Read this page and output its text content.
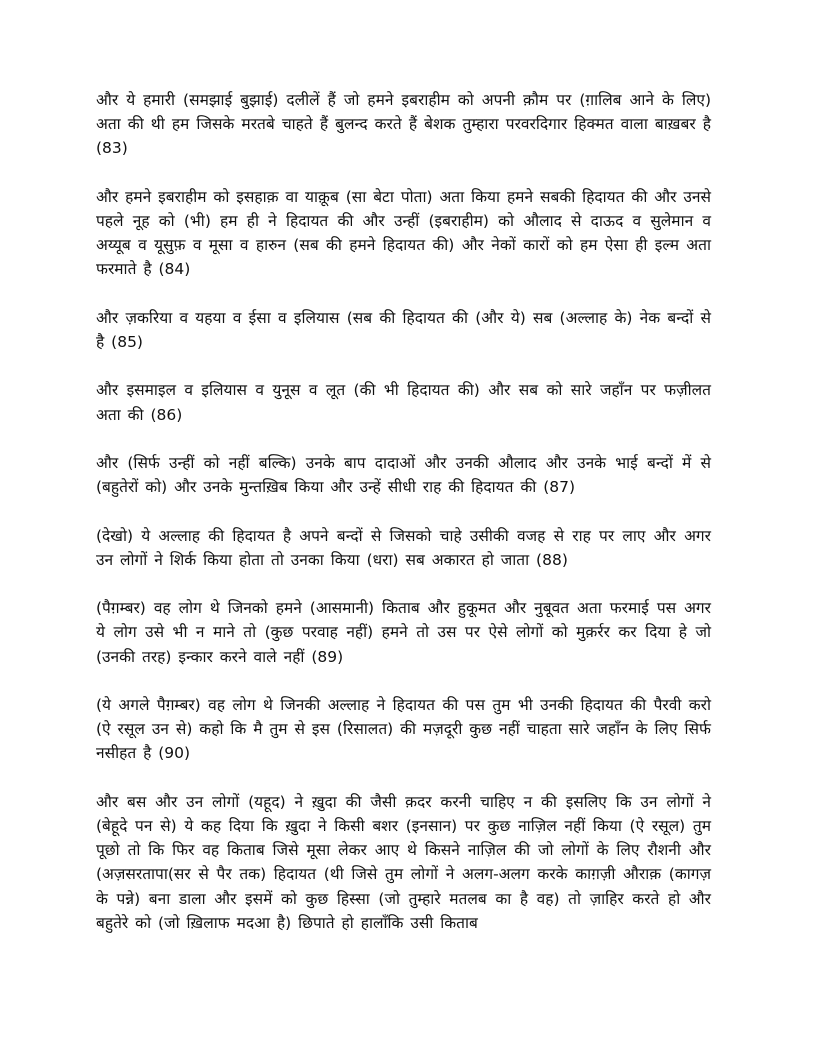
और ये हमारी (समझाई बुझाई) दलीलें हैं जो हमने इबराहीम को अपनी क़ौम पर (ग़ालिब आने के लिए) अता की थी हम जिसके मरतबे चाहते हैं बुलन्द करते हैं बेशक तुम्हारा परवरदिगार हिक्मत वाला बाख़बर है (83)

और हमने इबराहीम को इसहाक़ वा याक़ूब (सा बेटा पोता) अता किया हमने सबकी हिदायत की और उनसे पहले नूह को (भी) हम ही ने हिदायत की और उन्हीं (इबराहीम) को औलाद से दाऊद व सुलेमान व अय्यूब व यूसुफ़ व मूसा व हारुन (सब की हमने हिदायत की) और नेकों कारों को हम ऐसा ही इल्म अता फरमाते है (84)

और ज़करिया व यहया व ईसा व इलियास (सब की हिदायत की (और ये) सब (अल्लाह के) नेक बन्दों से है (85)

और इसमाइल व इलियास व युनूस व लूत (की भी हिदायत की) और सब को सारे जहाँन पर फज़ीलत अता की (86)

और (सिर्फ उन्हीं को नहीं बल्कि) उनके बाप दादाओं और उनकी औलाद और उनके भाई बन्दों में से (बहुतेरों को) और उनके मुन्तख़िब किया और उन्हें सीधी राह की हिदायत की (87)

(देखो) ये अल्लाह की हिदायत है अपने बन्दों से जिसको चाहे उसीकी वजह से राह पर लाए और अगर उन लोगों ने शिर्क किया होता तो उनका किया (धरा) सब अकारत हो जाता (88)

(पैग़म्बर) वह लोग थे जिनको हमने (आसमानी) किताब और हुकूमत और नुबूवत अता फरमाई पस अगर ये लोग उसे भी न माने तो (कुछ परवाह नहीं) हमने तो उस पर ऐसे लोगों को मुक़र्रर कर दिया हे जो (उनकी तरह) इन्कार करने वाले नहीं (89)

(ये अगले पैग़म्बर) वह लोग थे जिनकी अल्लाह ने हिदायत की पस तुम भी उनकी हिदायत की पैरवी करो (ऐ रसूल उन से) कहो कि मै तुम से इस (रिसालत) की मज़दूरी कुछ नहीं चाहता सारे जहाँन के लिए सिर्फ नसीहत है (90)

और बस और उन लोगों (यहूद) ने ख़ुदा की जैसी क़दर करनी चाहिए न की इसलिए कि उन लोगों ने (बेहूदे पन से) ये कह दिया कि ख़ुदा ने किसी बशर (इनसान) पर कुछ नाज़िल नहीं किया (ऐ रसूल) तुम पूछो तो कि फिर वह किताब जिसे मूसा लेकर आए थे किसने नाज़िल की जो लोगों के लिए रौशनी और (अज़सरतापा(सर से पैर तक) हिदायत (थी जिसे तुम लोगों ने अलग-अलग करके काग़ज़ी औराक़ (कागज़ के पन्ने) बना डाला और इसमें को कुछ हिस्सा (जो तुम्हारे मतलब का है वह) तो ज़ाहिर करते हो और बहुतेरे को (जो ख़िलाफ मदआ है) छिपाते हो हालाँकि उसी किताब
